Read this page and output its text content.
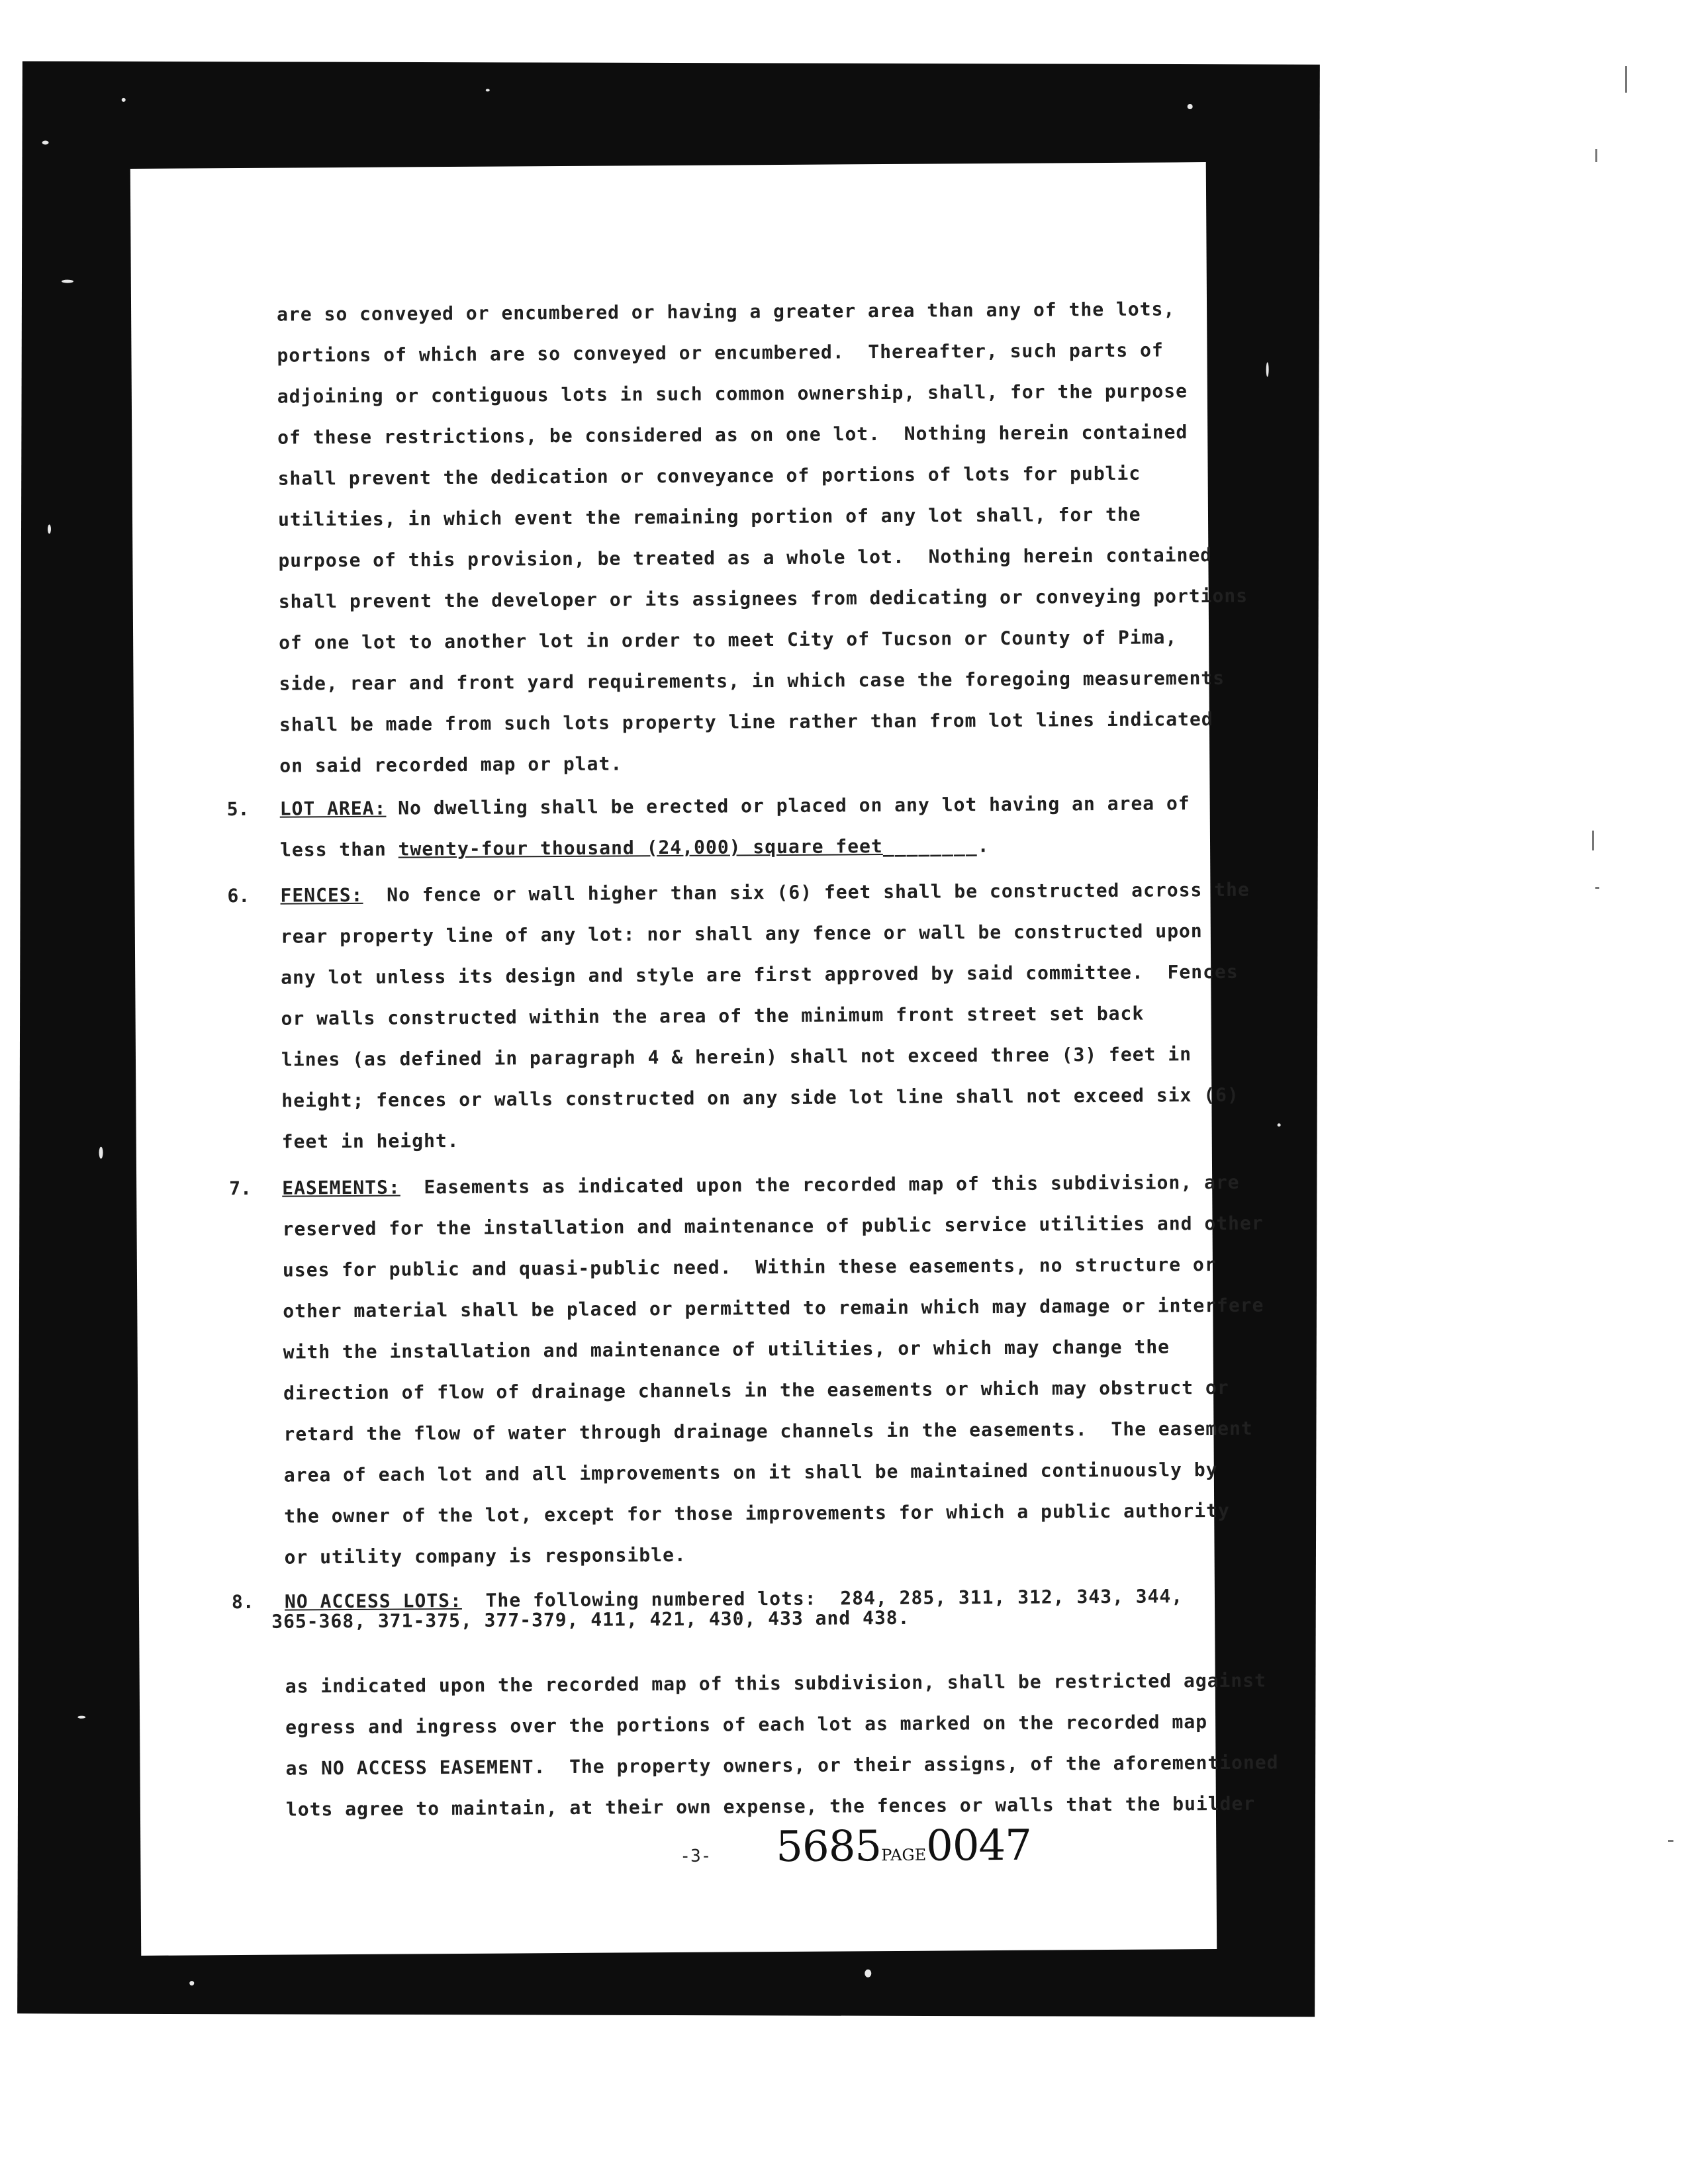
are so conveyed or encumbered or having a greater area than any of the lots,
portions of which are so conveyed or encumbered.  Thereafter, such parts of
adjoining or contiguous lots in such common ownership, shall, for the purpose
of these restrictions, be considered as on one lot.  Nothing herein contained
shall prevent the dedication or conveyance of portions of lots for public
utilities, in which event the remaining portion of any lot shall, for the
purpose of this provision, be treated as a whole lot.  Nothing herein contained
shall prevent the developer or its assignees from dedicating or conveying portions
of one lot to another lot in order to meet City of Tucson or County of Pima,
side, rear and front yard requirements, in which case the foregoing measurements
shall be made from such lots property line rather than from lot lines indicated
on said recorded map or plat.
5. LOT AREA: No dwelling shall be erected or placed on any lot having an area of
less than twenty-four thousand (24,000) square feet________.
6. FENCES:  No fence or wall higher than six (6) feet shall be constructed across the
rear property line of any lot: nor shall any fence or wall be constructed upon
any lot unless its design and style are first approved by said committee.  Fences
or walls constructed within the area of the minimum front street set back
lines (as defined in paragraph 4 & herein) shall not exceed three (3) feet in
height; fences or walls constructed on any side lot line shall not exceed six (6)
feet in height.
7. EASEMENTS:  Easements as indicated upon the recorded map of this subdivision, are
reserved for the installation and maintenance of public service utilities and other
uses for public and quasi-public need.  Within these easements, no structure or
other material shall be placed or permitted to remain which may damage or interfere
with the installation and maintenance of utilities, or which may change the
direction of flow of drainage channels in the easements or which may obstruct or
retard the flow of water through drainage channels in the easements.  The easement
area of each lot and all improvements on it shall be maintained continuously by
the owner of the lot, except for those improvements for which a public authority
or utility company is responsible.
8. NO ACCESS LOTS:  The following numbered lots:  284, 285, 311, 312, 343, 344,
365-368, 371-375, 377-379, 411, 421, 430, 433 and 438.
as indicated upon the recorded map of this subdivision, shall be restricted against
egress and ingress over the portions of each lot as marked on the recorded map
as NO ACCESS EASEMENT.  The property owners, or their assigns, of the aforementioned
lots agree to maintain, at their own expense, the fences or walls that the builder
-3- 5685PAGE0047
